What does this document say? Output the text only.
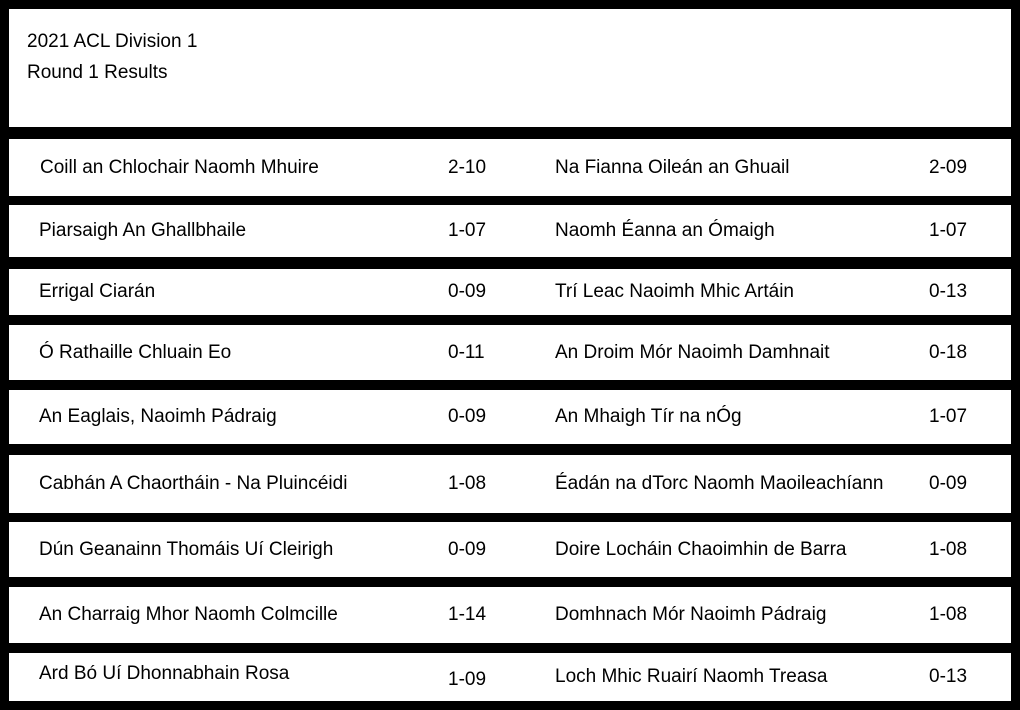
2021 ACL Division 1
Round 1 Results
Coill an Chlochair Naomh Mhuire	2-10	Na Fianna Oileán an Ghuail	2-09
Piarsaigh An Ghallbhaile	1-07	Naomh Éanna an Ómaigh	1-07
Errigal Ciarán	0-09	Trí Leac Naoimh Mhic Artáin	0-13
Ó Rathaille Chluain Eo	0-11	An Droim Mór Naoimh Damhnait	0-18
An Eaglais, Naoimh Pádraig	0-09	An Mhaigh Tír na nÓg	1-07
Cabhán A Chaortháin - Na Pluincéidi	1-08	Éadán na dTorc Naomh Maoileachíann 0-09
Dún Geanainn Thomáis Uí Cleirigh	0-09	Doire Locháin Chaoimhin de Barra	1-08
An Charraig Mhor Naomh Colmcille	1-14	Domhnach Mór Naoimh Pádraig	1-08
Ard Bó Uí Dhonnabhain Rosa	1-09	Loch Mhic Ruairí Naomh Treasa	0-13
